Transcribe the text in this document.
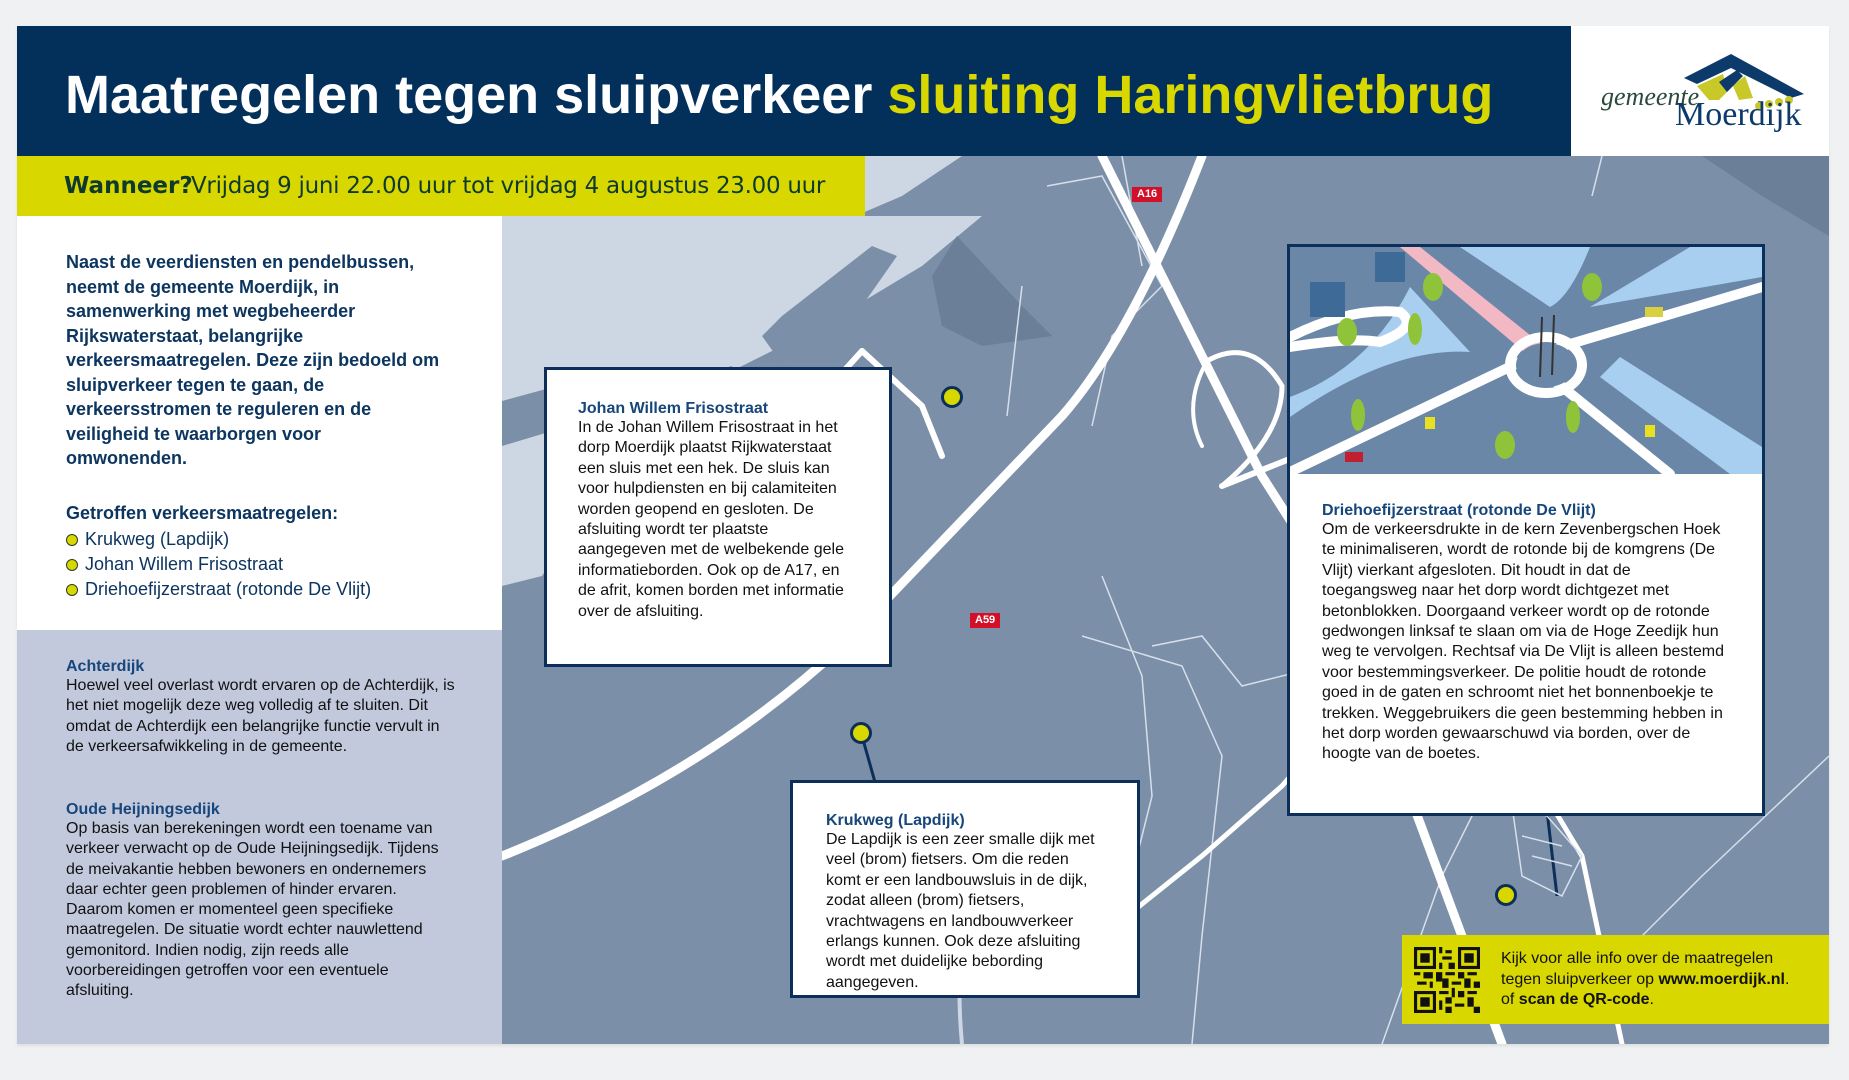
Maatregelen tegen sluipverkeer sluiting Haringvlietbrug	gemeente
Moerdijk
A16
A59
Wanneer?
Vrijdag 9 juni 22.00 uur tot vrijdag 4 augustus 23.00 uur
Naast de veerdiensten en pendelbussen, neemt de gemeente Moerdijk, in samenwerking met wegbeheerder Rijkswaterstaat, belangrijke verkeersmaatregelen. Deze zijn bedoeld om sluipverkeer tegen te gaan, de verkeersstromen te reguleren en de veiligheid te waarborgen voor omwonenden.
Getroffen verkeersmaatregelen:
Krukweg (Lapdijk)
Johan Willem Frisostraat
Driehoefijzerstraat (rotonde De Vlijt)
Achterdijk

Hoewel veel overlast wordt ervaren op de Achterdijk, is het niet mogelijk deze weg volledig af te sluiten. Dit omdat de Achterdijk een belangrijke functie vervult in de verkeersafwikkeling in de gemeente.

Oude Heijningsedijk

Op basis van berekeningen wordt een toename van verkeer verwacht op de Oude Heijningsedijk. Tijdens de meivakantie hebben bewoners en ondernemers daar echter geen problemen of hinder ervaren. Daarom komen er momenteel geen specifieke maatregelen. De situatie wordt echter nauwlettend gemonitord. Indien nodig, zijn reeds alle voorbereidingen getroffen voor een eventuele afsluiting.

Johan Willem Frisostraat

In de Johan Willem Frisostraat in het dorp Moerdijk plaatst Rijkwaterstaat een sluis met een hek. De sluis kan voor hulpdiensten en bij calamiteiten worden geopend en gesloten. De afsluiting wordt ter plaatste aangegeven met de welbekende gele informatieborden. Ook op de A17, en de afrit, komen borden met informatie over de afsluiting.

Krukweg (Lapdijk)

De Lapdijk is een zeer smalle dijk met veel (brom) fietsers. Om die reden komt er een landbouwsluis in de dijk, zodat alleen (brom) fietsers, vrachtwagens en landbouwverkeer erlangs kunnen. Ook deze afsluiting wordt met duidelijke bebording aangegeven.

Driehoefijzerstraat (rotonde De Vlijt)

Om de verkeersdrukte in de kern Zevenbergschen Hoek te minimaliseren, wordt de rotonde bij de komgrens (De Vlijt) vierkant afgesloten. Dit houdt in dat de toegangsweg naar het dorp wordt dichtgezet met betonblokken. Doorgaand verkeer wordt op de rotonde gedwongen linksaf te slaan om via de Hoge Zeedijk hun weg te vervolgen. Rechtsaf via De Vlijt is alleen bestemd voor bestemmingsverkeer. De politie houdt de rotonde goed in de gaten en schroomt niet het bonnenboekje te trekken. Weggebruikers die geen bestemming hebben in het dorp worden gewaarschuwd via borden, over de hoogte van de boetes.

Kijk voor alle info over de maatregelen
tegen sluipverkeer op www.moerdijk.nl.
of scan de QR-code.
